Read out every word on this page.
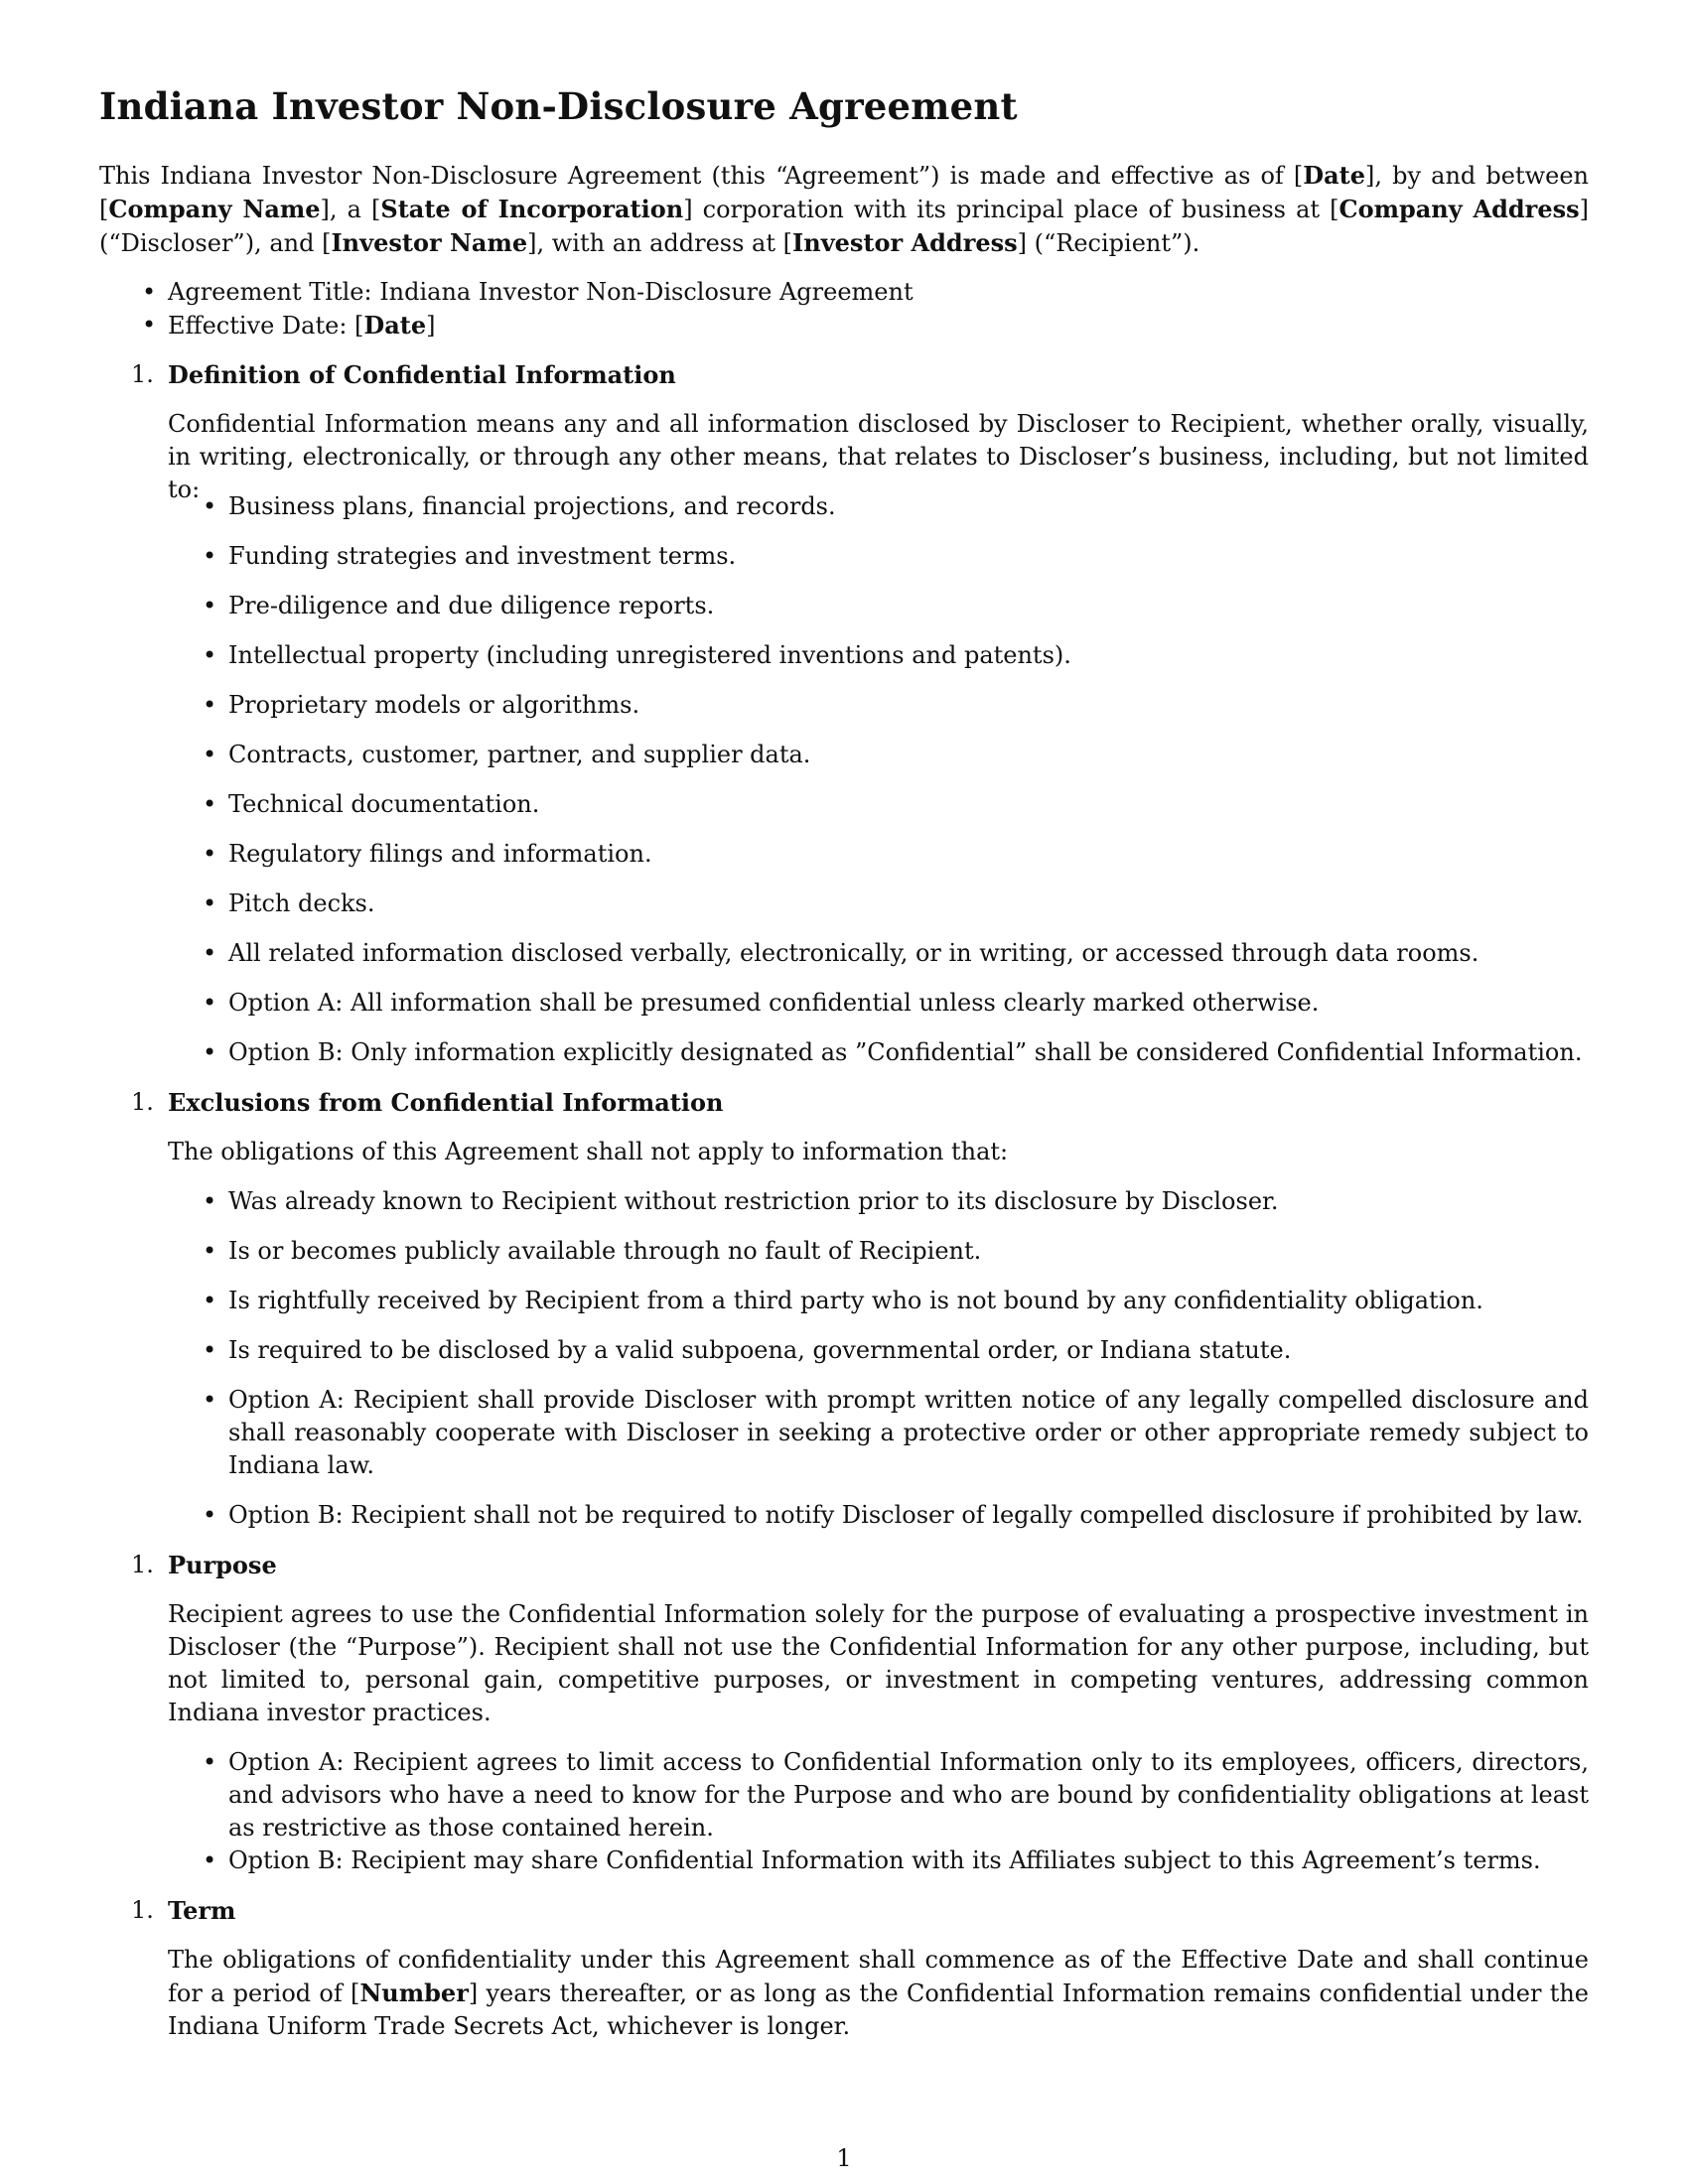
Indiana Investor Non-Disclosure Agreement

This Indiana Investor Non-Disclosure Agreement (this “Agreement”) is made and effective as of [Date], by and between [Company Name], a [State of Incorporation] corporation with its principal place of business at [Company Address] (“Discloser”), and [Investor Name], with an address at [Investor Address] (“Recipient”).

• Agreement Title: Indiana Investor Non-Disclosure Agreement

• Effective Date: [Date]

1. Definition of Confidential Information

Confidential Information means any and all information disclosed by Discloser to Recipient, whether orally, visually, in writing, electronically, or through any other means, that relates to Discloser’s business, including, but not limited to:

• Business plans, financial projections, and records.

• Funding strategies and investment terms.

• Pre-diligence and due diligence reports.

• Intellectual property (including unregistered inventions and patents).

• Proprietary models or algorithms.

• Contracts, customer, partner, and supplier data.

• Technical documentation.

• Regulatory filings and information.

• Pitch decks.

• All related information disclosed verbally, electronically, or in writing, or accessed through data rooms.

• Option A: All information shall be presumed confidential unless clearly marked otherwise.

• Option B: Only information explicitly designated as ”Confidential” shall be considered Confidential Information.

1. Exclusions from Confidential Information

The obligations of this Agreement shall not apply to information that:

• Was already known to Recipient without restriction prior to its disclosure by Discloser.

• Is or becomes publicly available through no fault of Recipient.

• Is rightfully received by Recipient from a third party who is not bound by any confidentiality obligation.

• Is required to be disclosed by a valid subpoena, governmental order, or Indiana statute.

• Option A: Recipient shall provide Discloser with prompt written notice of any legally compelled disclosure and shall reasonably cooperate with Discloser in seeking a protective order or other appropriate remedy subject to Indiana law.

• Option B: Recipient shall not be required to notify Discloser of legally compelled disclosure if prohibited by law.

1. Purpose

Recipient agrees to use the Confidential Information solely for the purpose of evaluating a prospective investment in Discloser (the “Purpose”). Recipient shall not use the Confidential Information for any other purpose, including, but not limited to, personal gain, competitive purposes, or investment in competing ventures, addressing common Indiana investor practices.

• Option A: Recipient agrees to limit access to Confidential Information only to its employees, officers, directors, and advisors who have a need to know for the Purpose and who are bound by confidentiality obligations at least as restrictive as those contained herein.

• Option B: Recipient may share Confidential Information with its Affiliates subject to this Agreement’s terms.

1. Term

The obligations of confidentiality under this Agreement shall commence as of the Effective Date and shall continue for a period of [Number] years thereafter, or as long as the Confidential Information remains confidential under the Indiana Uniform Trade Secrets Act, whichever is longer.

1
